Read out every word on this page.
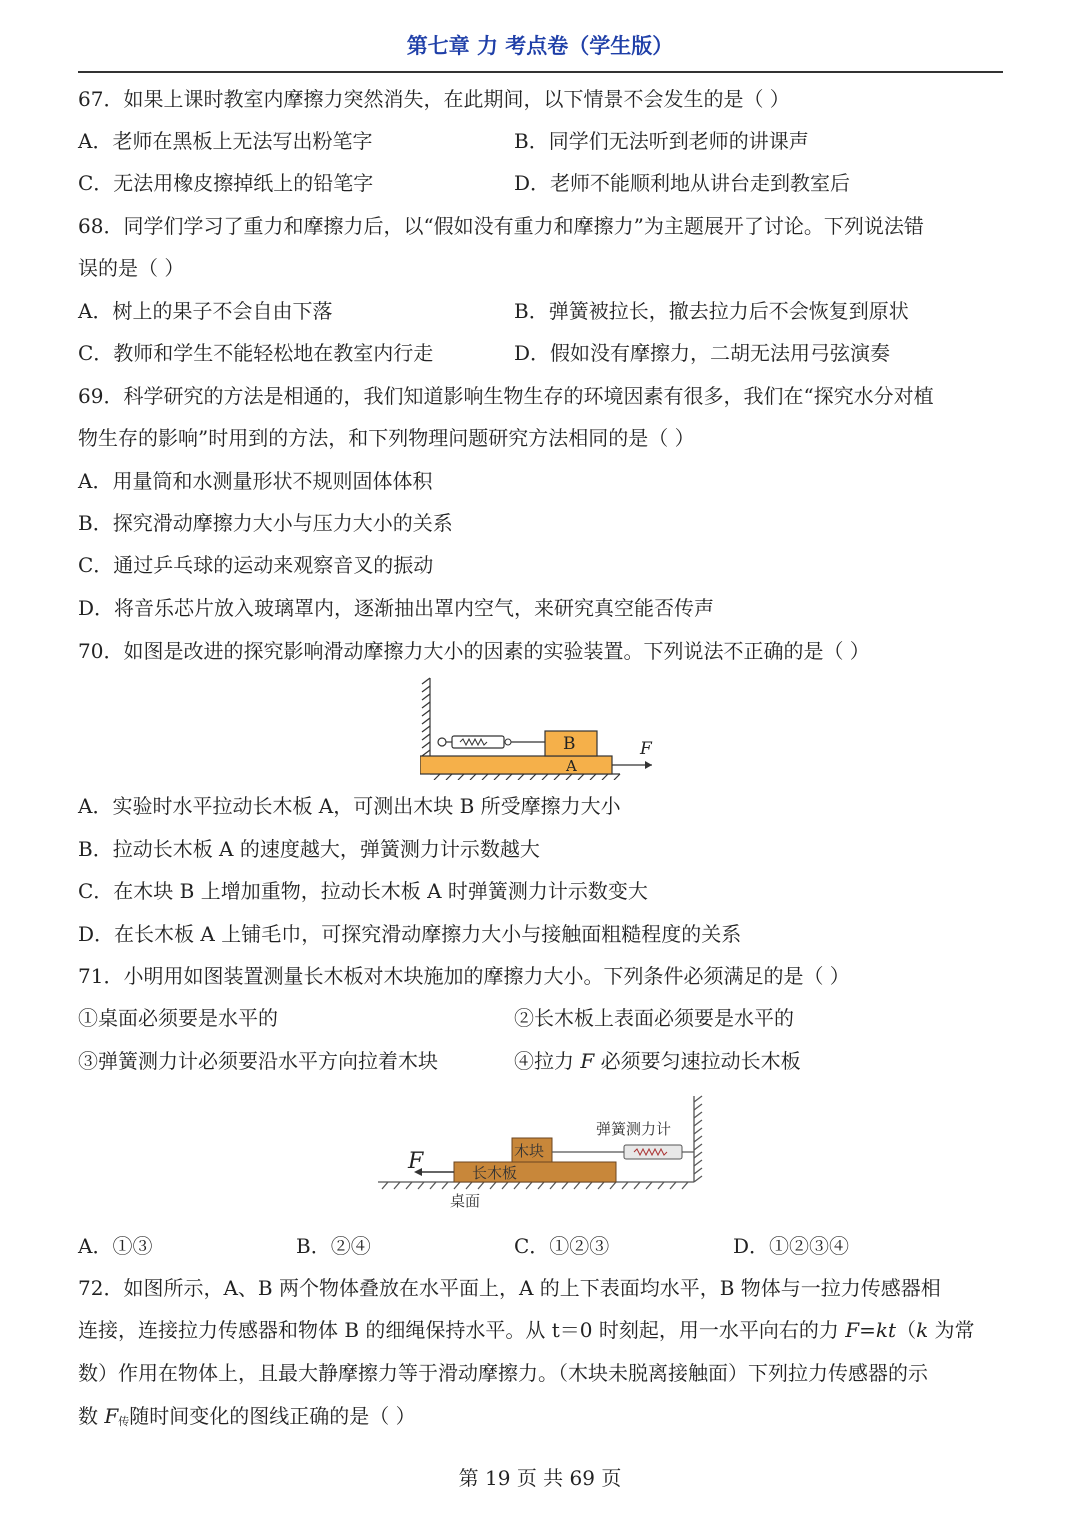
第七章 力 考点卷（学生版）
67．如果上课时教室内摩擦力突然消失，在此期间，以下情景不会发生的是（ ）
A．老师在黑板上无法写出粉笔字	B．同学们无法听到老师的讲课声
C．无法用橡皮擦掉纸上的铅笔字	D．老师不能顺利地从讲台走到教室后
68．同学们学习了重力和摩擦力后，以“假如没有重力和摩擦力”为主题展开了讨论。下列说法错
误的是（ ）
A．树上的果子不会自由下落	B．弹簧被拉长，撤去拉力后不会恢复到原状
C．教师和学生不能轻松地在教室内行走	D．假如没有摩擦力，二胡无法用弓弦演奏
69．科学研究的方法是相通的，我们知道影响生物生存的环境因素有很多，我们在“探究水分对植
物生存的影响”时用到的方法，和下列物理问题研究方法相同的是（ ）
A．用量筒和水测量形状不规则固体体积
B．探究滑动摩擦力大小与压力大小的关系
C．通过乒乓球的运动来观察音叉的振动
D．将音乐芯片放入玻璃罩内，逐渐抽出罩内空气，来研究真空能否传声
70．如图是改进的探究影响滑动摩擦力大小的因素的实验装置。下列说法不正确的是（ ）
B
A
F
A．实验时水平拉动长木板 A，可测出木块 B 所受摩擦力大小
B．拉动长木板 A 的速度越大，弹簧测力计示数越大
C．在木块 B 上增加重物，拉动长木板 A 时弹簧测力计示数变大
D．在长木板 A 上铺毛巾，可探究滑动摩擦力大小与接触面粗糙程度的关系
71．小明用如图装置测量长木板对木块施加的摩擦力大小。下列条件必须满足的是（ ）
①桌面必须要是水平的	②长木板上表面必须要是水平的
③弹簧测力计必须要沿水平方向拉着木块	④拉力 F 必须要匀速拉动长木板
F	长木板
木块
弹簧测力计
桌面
A．①③	B．②④	C．①②③	D．①②③④
72．如图所示，A、B 两个物体叠放在水平面上，A 的上下表面均水平，B 物体与一拉力传感器相
连接，连接拉力传感器和物体 B 的细绳保持水平。从 t＝0 时刻起，用一水平向右的力 F=kt（k 为常
数）作用在物体上，且最大静摩擦力等于滑动摩擦力。（木块未脱离接触面）下列拉力传感器的示
数 $F_传$随时间变化的图线正确的是（ ）
第 19 页 共 69 页
